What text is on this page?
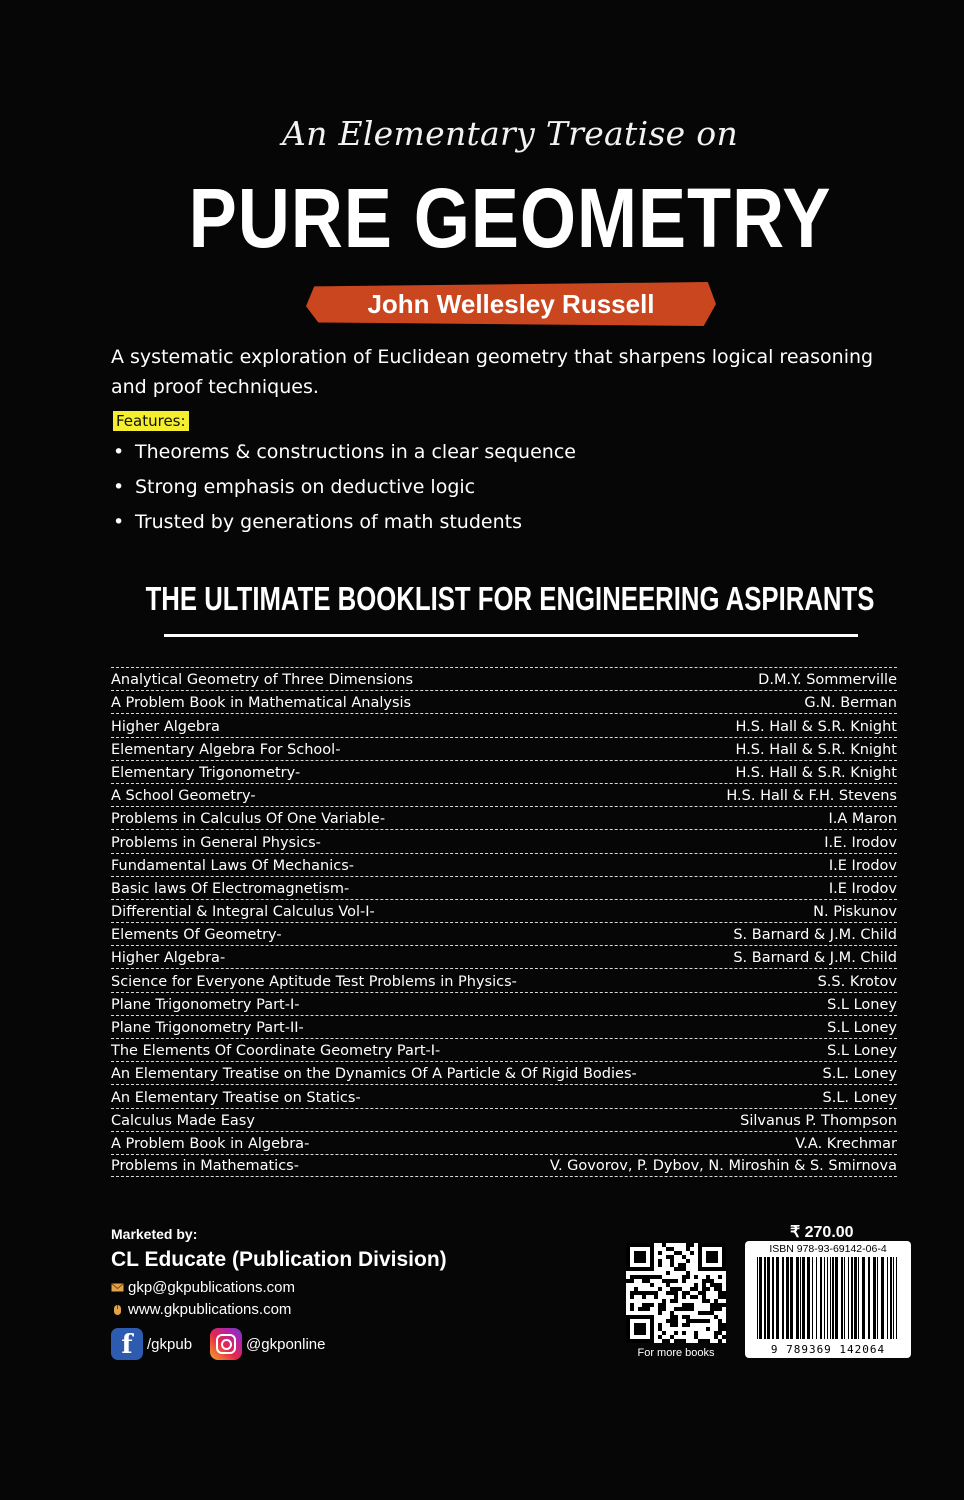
An Elementary Treatise on
PURE GEOMETRY
John Wellesley Russell
A systematic exploration of Euclidean geometry that sharpens logical reasoning and proof techniques.
Features:
• Theorems & constructions in a clear sequence
• Strong emphasis on deductive logic
• Trusted by generations of math students
THE ULTIMATE BOOKLIST FOR ENGINEERING ASPIRANTS
Analytical Geometry of Three Dimensions	D.M.Y. Sommerville
A Problem Book in Mathematical Analysis	G.N. Berman
Higher Algebra	H.S. Hall & S.R. Knight
Elementary Algebra For School-	H.S. Hall & S.R. Knight
Elementary Trigonometry-	H.S. Hall & S.R. Knight
A School Geometry-	H.S. Hall & F.H. Stevens
Problems in Calculus Of One Variable-	I.A Maron
Problems in General Physics-	I.E. Irodov
Fundamental Laws Of Mechanics-	I.E Irodov
Basic laws Of Electromagnetism-	I.E Irodov
Differential & Integral Calculus Vol-I-	N. Piskunov
Elements Of Geometry-	S. Barnard & J.M. Child
Higher Algebra-	S. Barnard & J.M. Child
Science for Everyone Aptitude Test Problems in Physics-	S.S. Krotov
Plane Trigonometry Part-I-	S.L Loney
Plane Trigonometry Part-II-	S.L Loney
The Elements Of Coordinate Geometry Part-I-	S.L Loney
An Elementary Treatise on the Dynamics Of A Particle & Of Rigid Bodies-	S.L. Loney
An Elementary Treatise on Statics-	S.L. Loney
Calculus Made Easy	Silvanus P. Thompson
A Problem Book in Algebra-	V.A. Krechmar
Problems in Mathematics-	V. Govorov, P. Dybov, N. Miroshin & S. Smirnova
Marketed by:
CL Educate (Publication Division)
gkp@gkpublications.com
www.gkpublications.com
f /gkpub	@gkponline
For more books
₹ 270.00
ISBN 978-93-69142-06-4
9 789369 142064
